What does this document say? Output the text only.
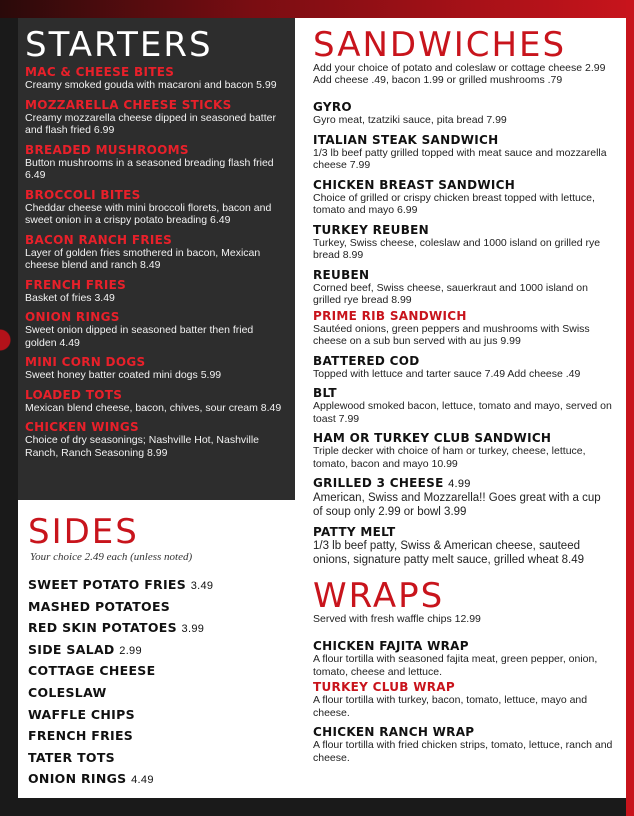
STARTERS
MAC & CHEESE BITES
Creamy smoked gouda with macaroni and bacon 5.99
MOZZARELLA CHEESE STICKS
Creamy mozzarella cheese dipped in seasoned batter and flash fried 6.99
BREADED MUSHROOMS
Button mushrooms in a seasoned breading flash fried 6.49
BROCCOLI BITES
Cheddar cheese with mini broccoli florets, bacon and sweet onion in a crispy potato breading 6.49
BACON RANCH FRIES
Layer of golden fries smothered in bacon, Mexican cheese blend and ranch 8.49
FRENCH FRIES
Basket of fries 3.49
ONION RINGS
Sweet onion dipped in seasoned batter then fried golden 4.49
MINI CORN DOGS
Sweet honey batter coated mini dogs 5.99
LOADED TOTS
Mexican blend cheese, bacon, chives, sour cream 8.49
CHICKEN WINGS
Choice of dry seasonings; Nashville Hot, Nashville Ranch, Ranch Seasoning 8.99
SANDWICHES
Add your choice of potato and coleslaw or cottage cheese 2.99 Add cheese .49, bacon 1.99 or grilled mushrooms .79
GYRO
Gyro meat, tzatziki sauce, pita bread 7.99
ITALIAN STEAK SANDWICH
1/3 lb beef patty grilled topped with meat sauce and mozzarella cheese 7.99
CHICKEN BREAST SANDWICH
Choice of grilled or crispy chicken breast topped with lettuce, tomato and mayo 6.99
TURKEY REUBEN
Turkey, Swiss cheese, coleslaw and 1000 island on grilled rye bread 8.99
REUBEN
Corned beef, Swiss cheese, sauerkraut and 1000 island on grilled rye bread 8.99
PRIME RIB SANDWICH
Sautéed onions, green peppers and mushrooms with Swiss cheese on a sub bun served with au jus 9.99
BATTERED COD
Topped with lettuce and tarter sauce 7.49 Add cheese .49
BLT
Applewood smoked bacon, lettuce, tomato and mayo, served on toast 7.99
HAM OR TURKEY CLUB SANDWICH
Triple decker with choice of ham or turkey, cheese, lettuce, tomato, bacon and mayo 10.99
GRILLED 3 CHEESE 4.99
American, Swiss and Mozzarella!! Goes great with a cup of soup only 2.99 or bowl 3.99
PATTY MELT
1/3 lb beef patty, Swiss & American cheese, sauteed onions, signature patty melt sauce, grilled wheat 8.49
WRAPS
Served with fresh waffle chips 12.99
CHICKEN FAJITA WRAP
A flour tortilla with seasoned fajita meat, green pepper, onion, tomato, cheese and lettuce.
TURKEY CLUB WRAP
A flour tortilla with turkey, bacon, tomato, lettuce, mayo and cheese.
CHICKEN RANCH WRAP
A flour tortilla with fried chicken strips, tomato, lettuce, ranch and cheese.
SIDES
Your choice 2.49 each (unless noted)
SWEET POTATO FRIES 3.49
MASHED POTATOES
RED SKIN POTATOES 3.99
SIDE SALAD 2.99
COTTAGE CHEESE
COLESLAW
WAFFLE CHIPS
FRENCH FRIES
TATER TOTS
ONION RINGS 4.49
